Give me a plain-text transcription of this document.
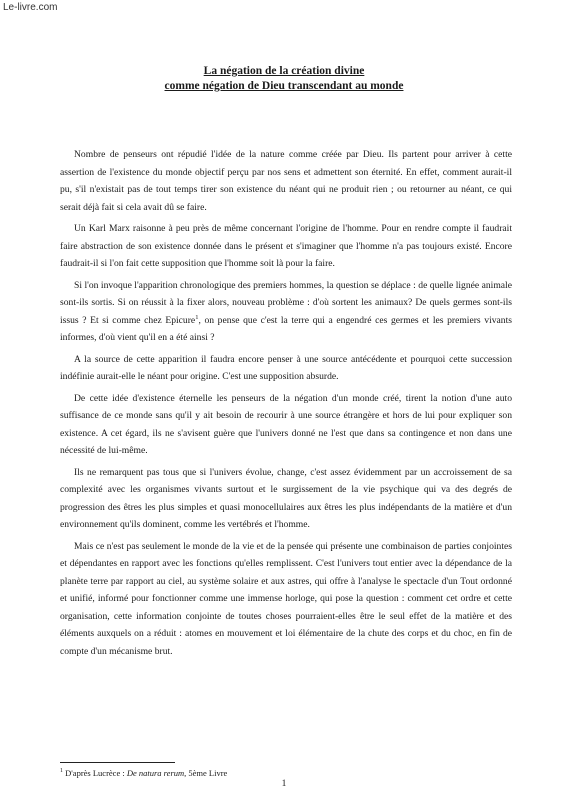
Le-livre.com
La négation de la création divine
comme négation de Dieu transcendant au monde

Nombre de penseurs ont répudié l'idée de la nature comme créée par Dieu. Ils partent pour arriver à cette assertion de l'existence du monde objectif perçu par nos sens et admettent son éternité. En effet, comment aurait-il pu, s'il n'existait pas de tout temps tirer son existence du néant qui ne produit rien ; ou retourner au néant, ce qui serait déjà fait si cela avait dû se faire.

Un Karl Marx raisonne à peu près de même concernant l'origine de l'homme. Pour en rendre compte il faudrait faire abstraction de son existence donnée dans le présent et s'imaginer que l'homme n'a pas toujours existé. Encore faudrait-il si l'on fait cette supposition que l'homme soit là pour la faire.

Si l'on invoque l'apparition chronologique des premiers hommes, la question se déplace : de quelle lignée animale sont-ils sortis. Si on réussit à la fixer alors, nouveau problème : d'où sortent les animaux? De quels germes sont-ils issus ? Et si comme chez Epicure$^1$, on pense que c'est la terre qui a engendré ces germes et les premiers vivants informes, d'où vient qu'il en a été ainsi ?

A la source de cette apparition il faudra encore penser à une source antécédente et pourquoi cette succession indéfinie aurait-elle le néant pour origine. C'est une supposition absurde.

De cette idée d'existence éternelle les penseurs de la négation d'un monde créé, tirent la notion d'une auto suffisance de ce monde sans qu'il y ait besoin de recourir à une source étrangère et hors de lui pour expliquer son existence. A cet égard, ils ne s'avisent guère que l'univers donné ne l'est que dans sa contingence et non dans une nécessité de lui-même.

Ils ne remarquent pas tous que si l'univers évolue, change, c'est assez évidemment par un accroissement de sa complexité avec les organismes vivants surtout et le surgissement de la vie psychique qui va des degrés de progression des êtres les plus simples et quasi monocellulaires aux êtres les plus indépendants de la matière et d'un environnement qu'ils dominent, comme les vertébrés et l'homme.

Mais ce n'est pas seulement le monde de la vie et de la pensée qui présente une combinaison de parties conjointes et dépendantes en rapport avec les fonctions qu'elles remplissent. C'est l'univers tout entier avec la dépendance de la planète terre par rapport au ciel, au système solaire et aux astres, qui offre à l'analyse le spectacle d'un Tout ordonné et unifié, informé pour fonctionner comme une immense horloge, qui pose la question : comment cet ordre et cette organisation, cette information conjointe de toutes choses pourraient-elles être le seul effet de la matière et des éléments auxquels on a réduit : atomes en mouvement et loi élémentaire de la chute des corps et du choc, en fin de compte d'un mécanisme brut.

$^1$ D'après Lucrèce : De natura rerum, 5ème Livre
1
